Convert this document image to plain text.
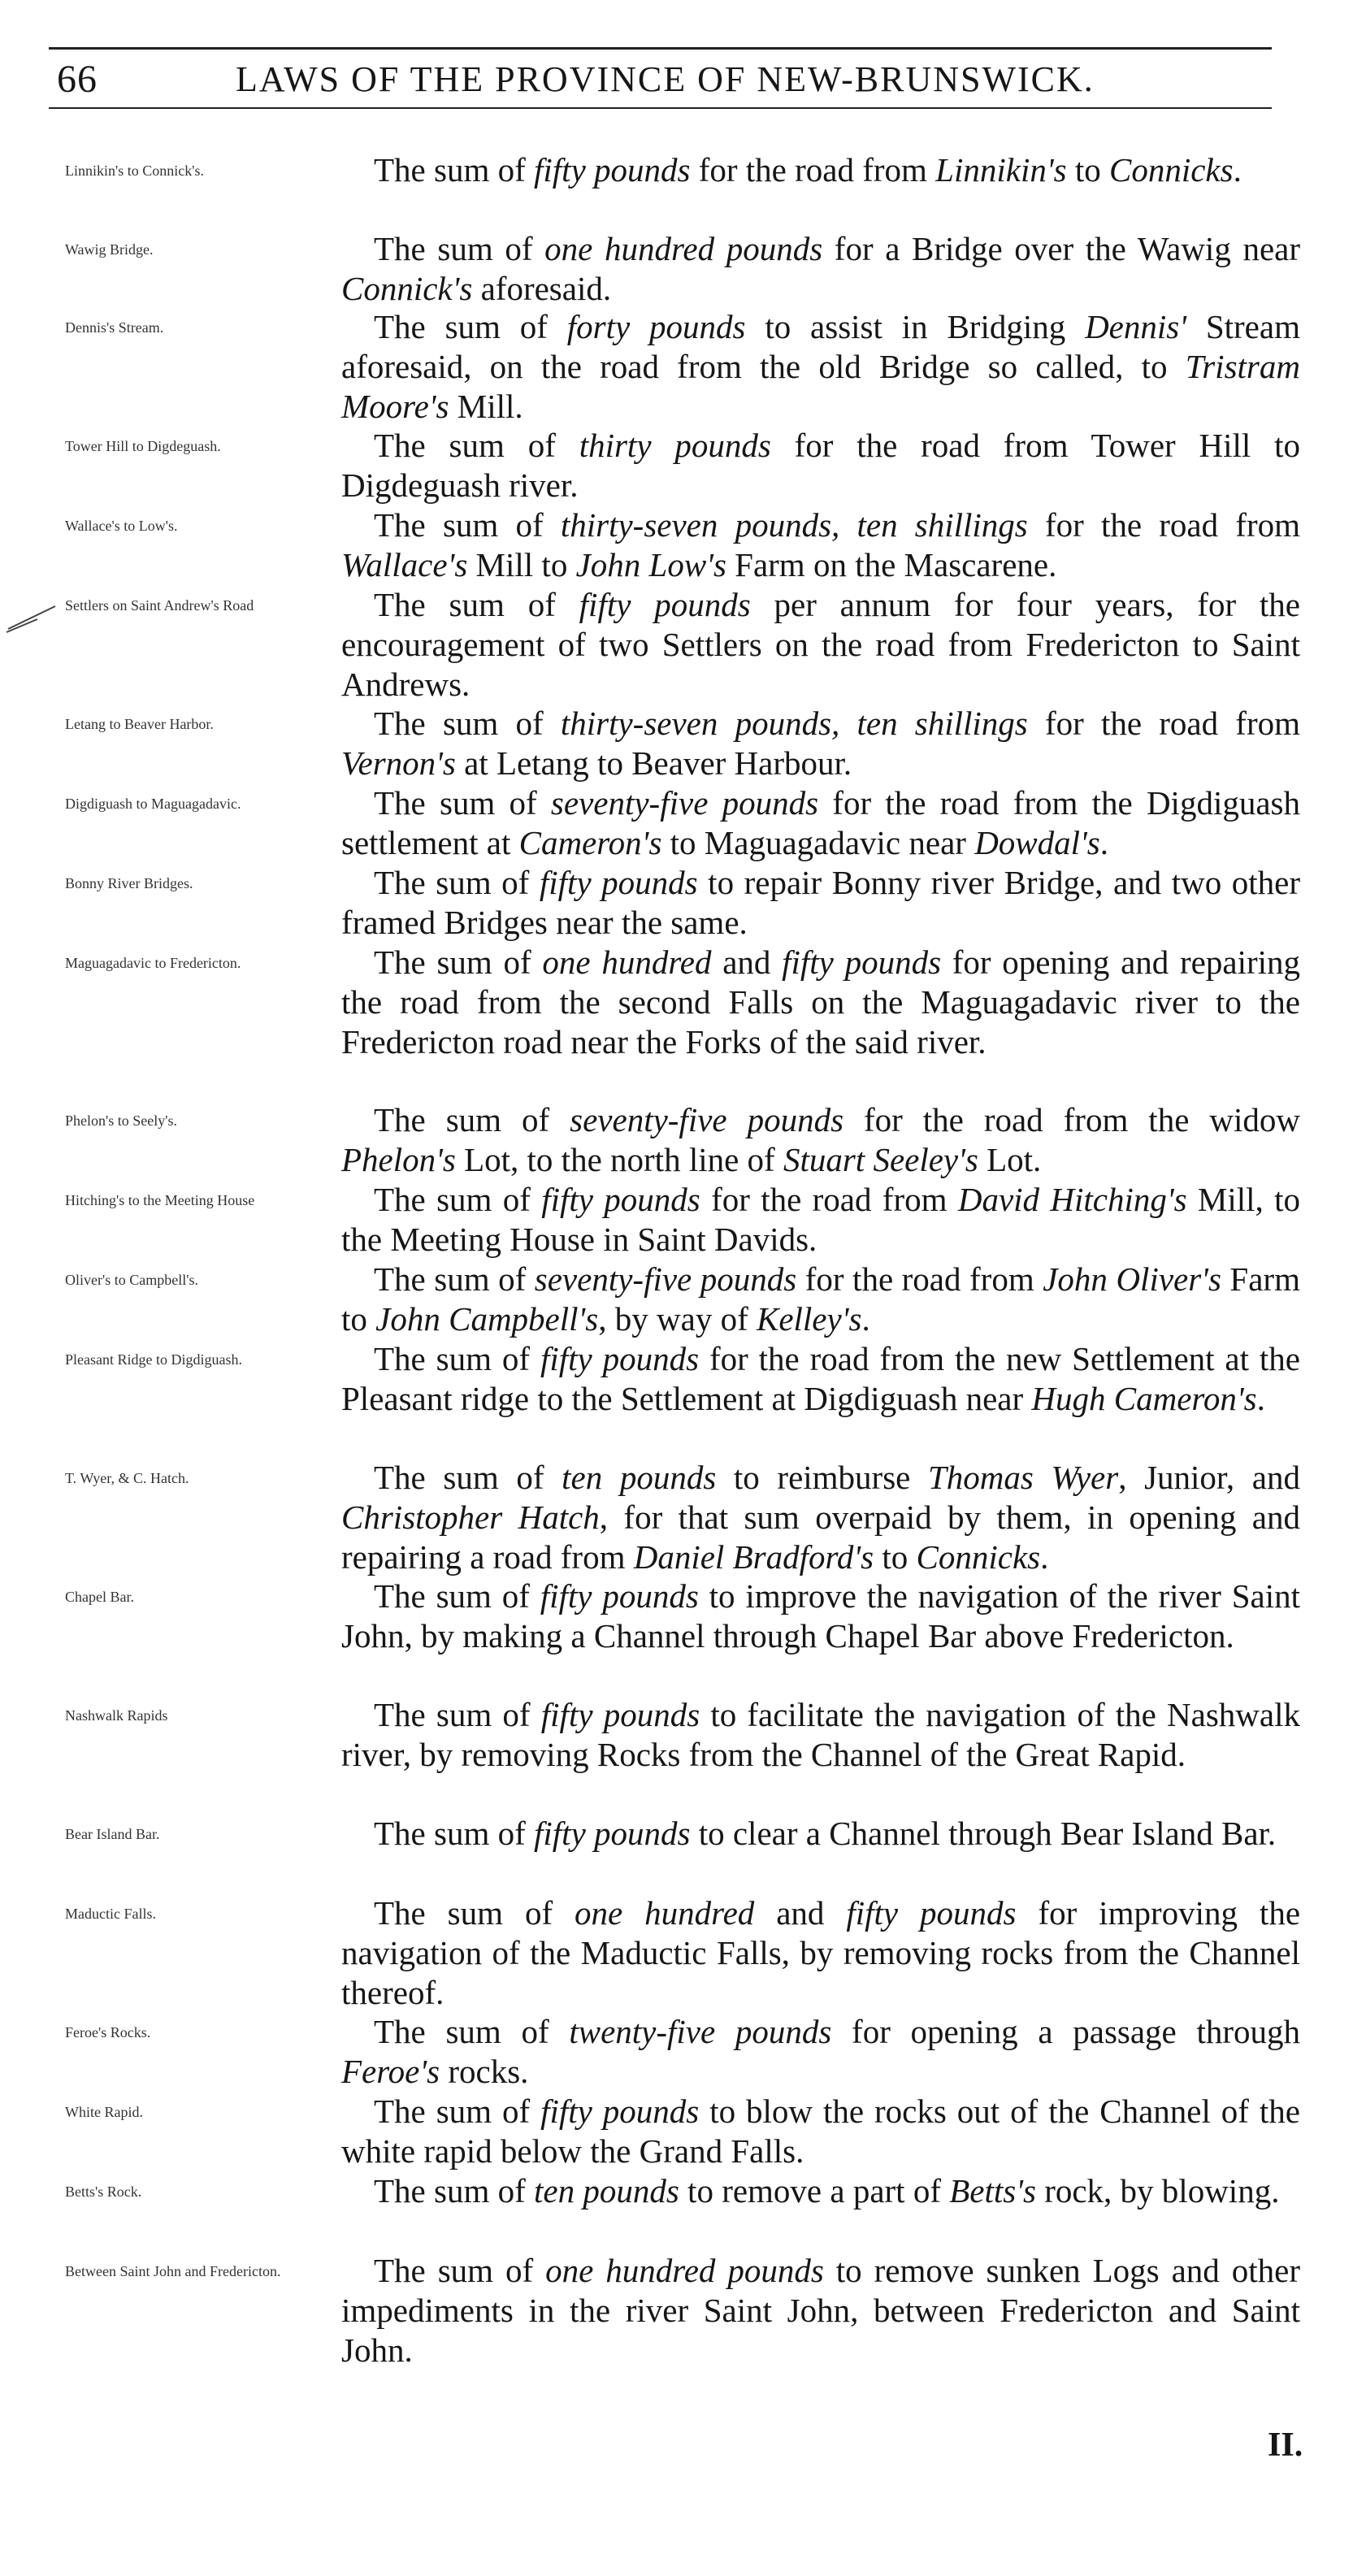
66	LAWS OF THE PROVINCE OF NEW-BRUNSWICK.
Linnikin's to Connick's.	The sum of fifty pounds for the road from Linnikin's to Connicks.
Wawig Bridge.	The sum of one hundred pounds for a Bridge over the Wawig near Connick's aforesaid.
Dennis's Stream.	The sum of forty pounds to assist in Bridging Dennis' Stream aforesaid, on the road from the old Bridge so called, to Tristram Moore's Mill.
Tower Hill to Digdeguash.	The sum of thirty pounds for the road from Tower Hill to Digdeguash river.
Wallace's to Low's.	The sum of thirty-seven pounds, ten shillings for the road from Wallace's Mill to John Low's Farm on the Mascarene.
Settlers on Saint Andrew's Road	The sum of fifty pounds per annum for four years, for the encouragement of two Settlers on the road from Fredericton to Saint Andrews.
Letang to Beaver Harbor.	The sum of thirty-seven pounds, ten shillings for the road from Vernon's at Letang to Beaver Harbour.
Digdiguash to Maguagadavic.	The sum of seventy-five pounds for the road from the Digdiguash settlement at Cameron's to Maguagadavic near Dowdal's.
Bonny River Bridges.	The sum of fifty pounds to repair Bonny river Bridge, and two other framed Bridges near the same.
Maguagadavic to Fredericton.	The sum of one hundred and fifty pounds for opening and repairing the road from the second Falls on the Maguagadavic river to the Fredericton road near the Forks of the said river.
Phelon's to Seely's.	The sum of seventy-five pounds for the road from the widow Phelon's Lot, to the north line of Stuart Seeley's Lot.
Hitching's to the Meeting House	The sum of fifty pounds for the road from David Hitching's Mill, to the Meeting House in Saint Davids.
Oliver's to Campbell's.	The sum of seventy-five pounds for the road from John Oliver's Farm to John Campbell's, by way of Kelley's.
Pleasant Ridge to Digdiguash.	The sum of fifty pounds for the road from the new Settlement at the Pleasant ridge to the Settlement at Digdiguash near Hugh Cameron's.
T. Wyer, & C. Hatch.	The sum of ten pounds to reimburse Thomas Wyer, Junior, and Christopher Hatch, for that sum overpaid by them, in opening and repairing a road from Daniel Bradford's to Connicks.
Chapel Bar.	The sum of fifty pounds to improve the navigation of the river Saint John, by making a Channel through Chapel Bar above Fredericton.
Nashwalk Rapids	The sum of fifty pounds to facilitate the navigation of the Nashwalk river, by removing Rocks from the Channel of the Great Rapid.
Bear Island Bar.	The sum of fifty pounds to clear a Channel through Bear Island Bar.
Maductic Falls.	The sum of one hundred and fifty pounds for improving the navigation of the Maductic Falls, by removing rocks from the Channel thereof.
Feroe's Rocks.	The sum of twenty-five pounds for opening a passage through Feroe's rocks.
White Rapid.	The sum of fifty pounds to blow the rocks out of the Channel of the white rapid below the Grand Falls.
Betts's Rock.	The sum of ten pounds to remove a part of Betts's rock, by blowing.
Between Saint John and Fredericton.	The sum of one hundred pounds to remove sunken Logs and other impediments in the river Saint John, between Fredericton and Saint John.
II.
